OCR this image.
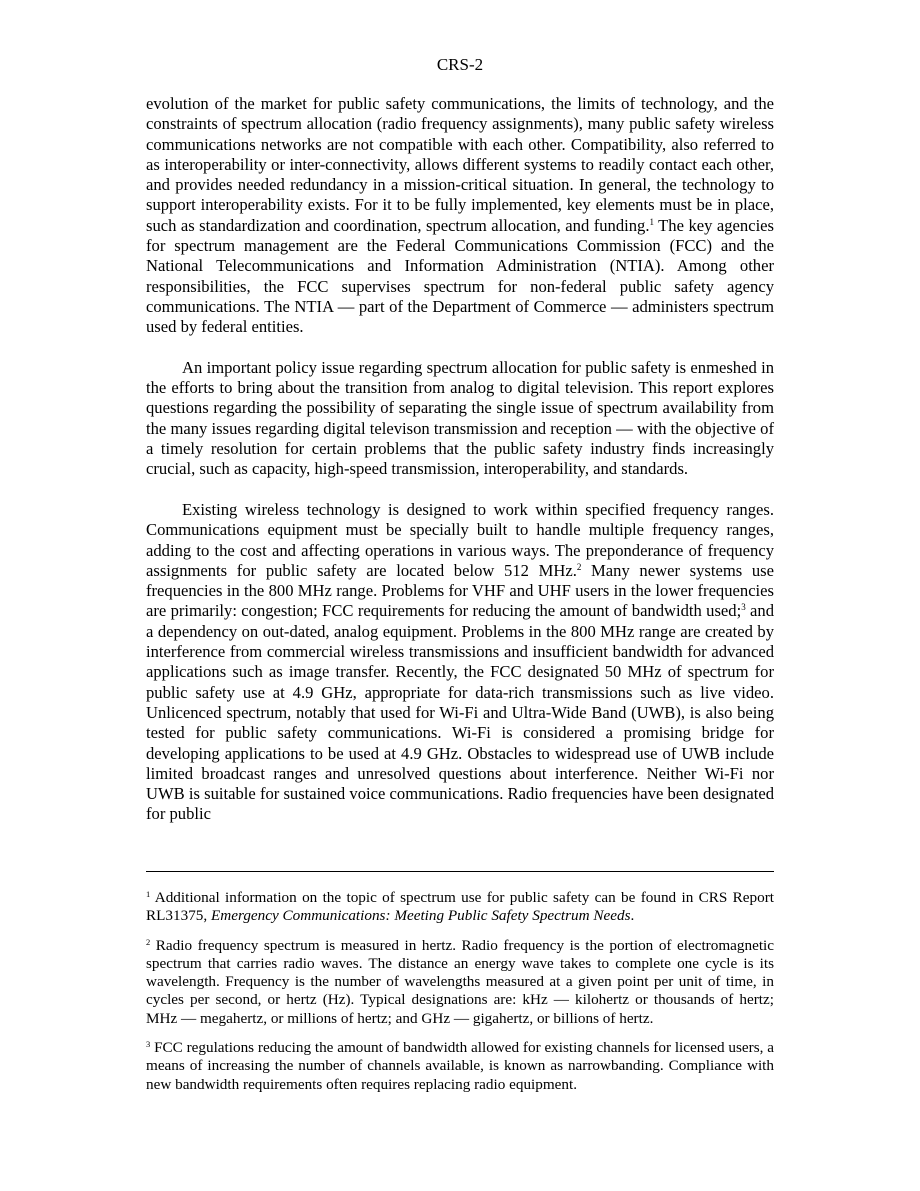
CRS-2

evolution of the market for public safety communications, the limits of technology, and the constraints of spectrum allocation (radio frequency assignments), many public safety wireless communications networks are not compatible with each other. Compatibility, also referred to as interoperability or inter-connectivity, allows different systems to readily contact each other, and provides needed redundancy in a mission-critical situation. In general, the technology to support interoperability exists. For it to be fully implemented, key elements must be in place, such as standardization and coordination, spectrum allocation, and funding.$^1$ The key agencies for spectrum management are the Federal Communications Commission (FCC) and the National Telecommunications and Information Administration (NTIA). Among other responsibilities, the FCC supervises spectrum for non-federal public safety agency communications. The NTIA — part of the Department of Commerce — administers spectrum used by federal entities.

An important policy issue regarding spectrum allocation for public safety is enmeshed in the efforts to bring about the transition from analog to digital television. This report explores questions regarding the possibility of separating the single issue of spectrum availability from the many issues regarding digital televison transmission and reception — with the objective of a timely resolution for certain problems that the public safety industry finds increasingly crucial, such as capacity, high-speed transmission, interoperability, and standards.

Existing wireless technology is designed to work within specified frequency ranges. Communications equipment must be specially built to handle multiple frequency ranges, adding to the cost and affecting operations in various ways. The preponderance of frequency assignments for public safety are located below 512 MHz.$^2$ Many newer systems use frequencies in the 800 MHz range. Problems for VHF and UHF users in the lower frequencies are primarily: congestion; FCC requirements for reducing the amount of bandwidth used;$^3$ and a dependency on out-dated, analog equipment. Problems in the 800 MHz range are created by interference from commercial wireless transmissions and insufficient bandwidth for advanced applications such as image transfer. Recently, the FCC designated 50 MHz of spectrum for public safety use at 4.9 GHz, appropriate for data-rich transmissions such as live video. Unlicenced spectrum, notably that used for Wi-Fi and Ultra-Wide Band (UWB), is also being tested for public safety communications. Wi-Fi is considered a promising bridge for developing applications to be used at 4.9 GHz. Obstacles to widespread use of UWB include limited broadcast ranges and unresolved questions about interference. Neither Wi-Fi nor UWB is suitable for sustained voice communications. Radio frequencies have been designated for public

$^1$ Additional information on the topic of spectrum use for public safety can be found in CRS Report RL31375, Emergency Communications: Meeting Public Safety Spectrum Needs.

$^2$ Radio frequency spectrum is measured in hertz. Radio frequency is the portion of electromagnetic spectrum that carries radio waves. The distance an energy wave takes to complete one cycle is its wavelength. Frequency is the number of wavelengths measured at a given point per unit of time, in cycles per second, or hertz (Hz). Typical designations are: kHz — kilohertz or thousands of hertz; MHz — megahertz, or millions of hertz; and GHz — gigahertz, or billions of hertz.

$^3$ FCC regulations reducing the amount of bandwidth allowed for existing channels for licensed users, a means of increasing the number of channels available, is known as narrowbanding. Compliance with new bandwidth requirements often requires replacing radio equipment.
